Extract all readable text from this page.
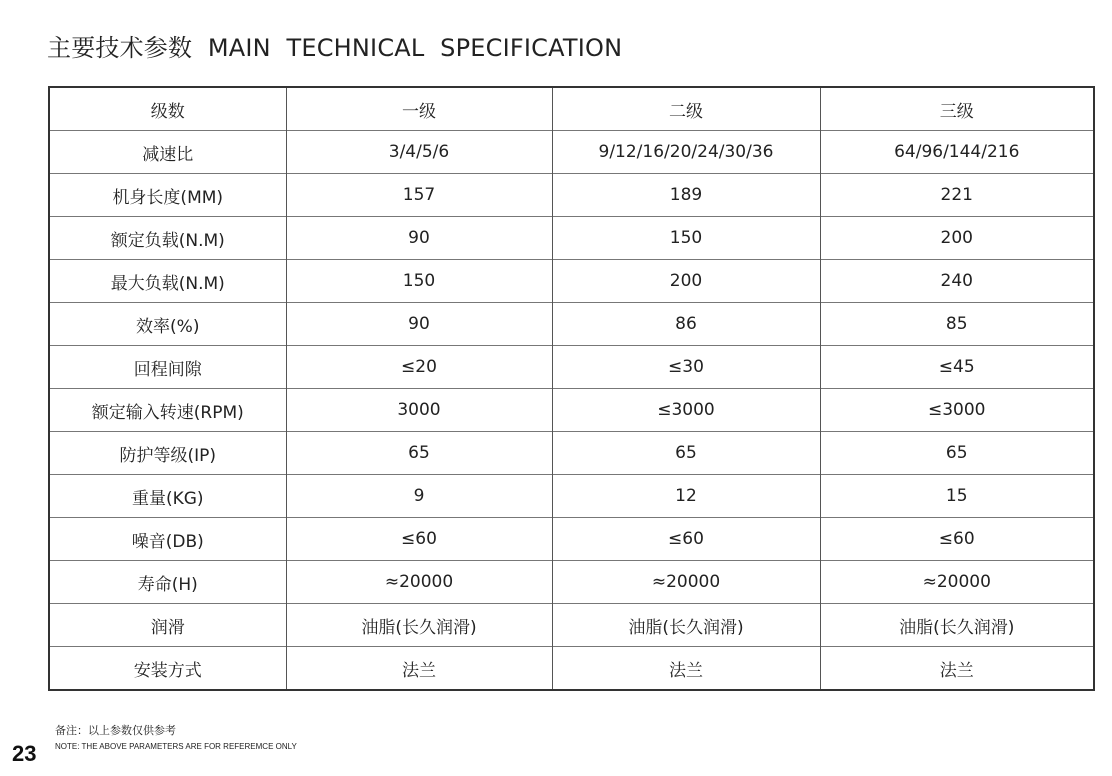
主要技术参数  MAIN  TECHNICAL  SPECIFICATION
级数	一级	二级	三级
减速比	3/4/5/6	9/12/16/20/24/30/36	64/96/144/216
机身长度(MM)	157	189	221
额定负载(N.M)	90	150	200
最大负载(N.M)	150	200	240
效率(%)	90	86	85
回程间隙	≤20	≤30	≤45
额定输入转速(RPM)	3000	≤3000	≤3000
防护等级(IP)	65	65	65
重量(KG)	9	12	15
噪音(DB)	≤60	≤60	≤60
寿命(H)	≈20000	≈20000	≈20000
润滑	油脂(长久润滑)	油脂(长久润滑)	油脂(长久润滑)
安装方式	法兰	法兰	法兰
23
备注：以上参数仅供参考
NOTE: THE ABOVE PARAMETERS ARE FOR REFEREMCE ONLY
